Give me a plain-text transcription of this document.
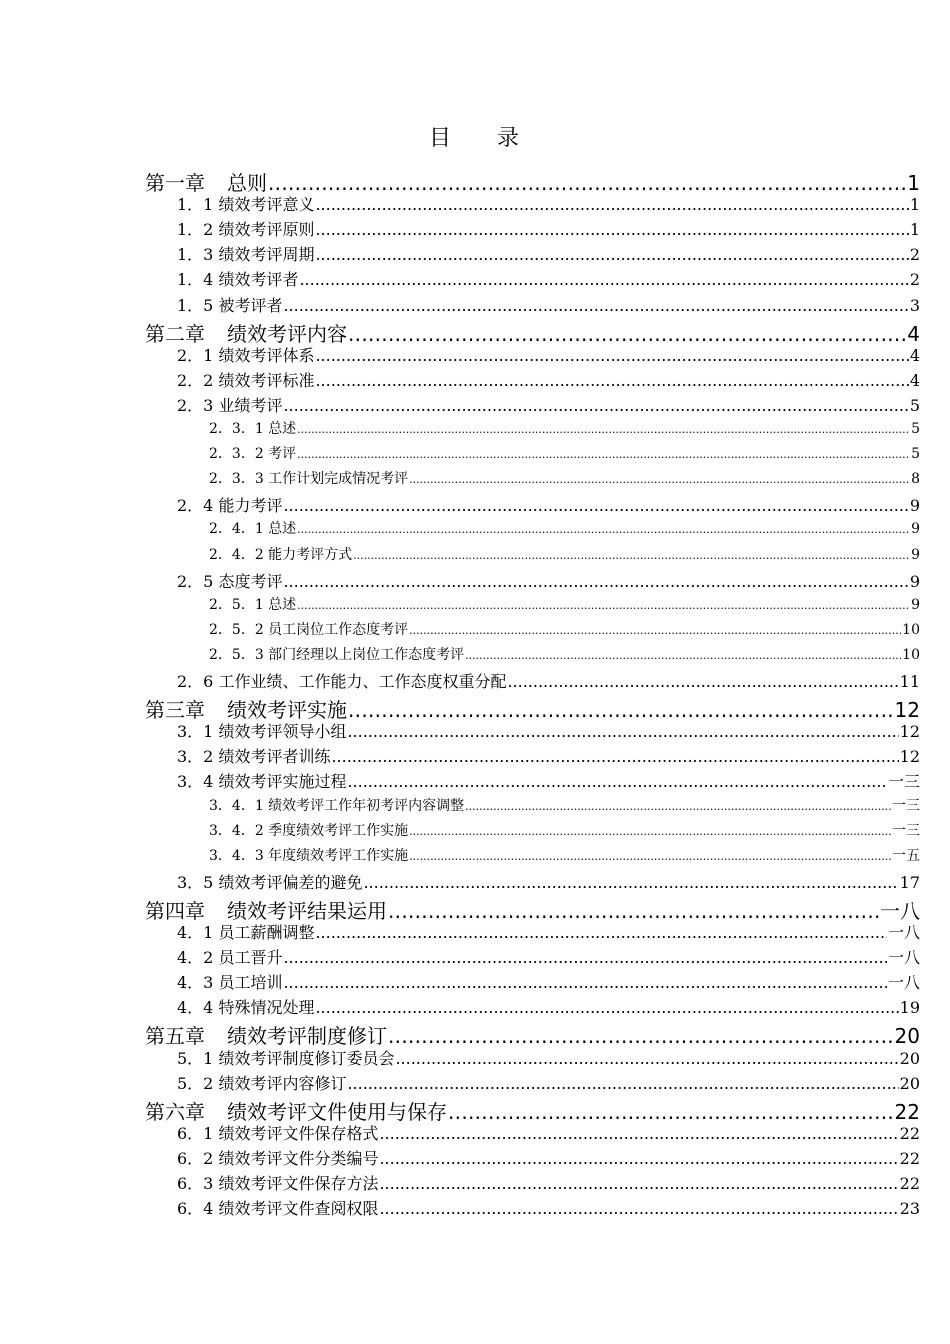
目 录
第一章 总则 .....	1
1．1 绩效考评意义 .....	1
1．2 绩效考评原则 .....	1
1．3 绩效考评周期 .....	2
1．4 绩效考评者 .....	2
1．5 被考评者 .....	3
第二章 绩效考评内容 .....	4
2．1 绩效考评体系 .....	4
2．2 绩效考评标准 .....	4
2．3 业绩考评 .....	5
2．3．1 总述 .....	5
2．3．2 考评 .....	5
2．3．3 工作计划完成情况考评 .....	8
2．4 能力考评 .....	9
2．4．1 总述 .....	9
2．4．2 能力考评方式 .....	9
2．5 态度考评 .....	9
2．5．1 总述 .....	9
2．5．2 员工岗位工作态度考评 .....	10
2．5．3 部门经理以上岗位工作态度考评 .....	10
2．6 工作业绩、工作能力、工作态度权重分配 .....	11
第三章 绩效考评实施 .....	12
3．1 绩效考评领导小组 .....	12
3．2 绩效考评者训练 .....	12
3．4 绩效考评实施过程 .....	一三
3．4．1 绩效考评工作年初考评内容调整 .....	一三
3．4．2 季度绩效考评工作实施 .....	一三
3．4．3 年度绩效考评工作实施 .....	一五
3．5 绩效考评偏差的避免 .....	17
第四章 绩效考评结果运用 .....	一八
4．1 员工薪酬调整 .....	一八
4．2 员工晋升 .....	一八
4．3 员工培训 .....	一八
4．4 特殊情况处理 .....	19
第五章 绩效考评制度修订 .....	20
5．1 绩效考评制度修订委员会 .....	20
5．2 绩效考评内容修订 .....	20
第六章 绩效考评文件使用与保存 .....	22
6．1 绩效考评文件保存格式 .....	22
6．2 绩效考评文件分类编号 .....	22
6．3 绩效考评文件保存方法 .....	22
6．4 绩效考评文件查阅权限 .....	23
